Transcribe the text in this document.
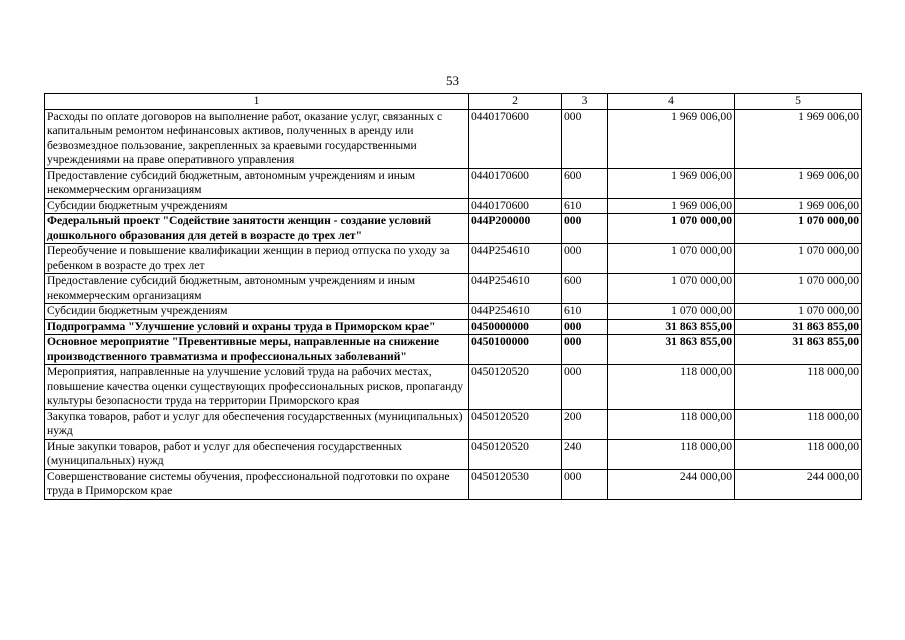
53
1	2	3	4	5
Расходы по оплате договоров на выполнение работ, оказание услуг, связанных с капитальным ремонтом нефинансовых активов, полученных в аренду или безвозмездное пользование, закрепленных за краевыми государственными учреждениями на праве оперативного управления	0440170600	000	1 969 006,00	1 969 006,00
Предоставление субсидий бюджетным, автономным учреждениям и иным некоммерческим организациям	0440170600	600	1 969 006,00	1 969 006,00
Субсидии бюджетным учреждениям	0440170600	610	1 969 006,00	1 969 006,00
Федеральный проект "Содействие занятости женщин - создание условий дошкольного образования для детей в возрасте до трех лет"	044P200000	000	1 070 000,00	1 070 000,00
Переобучение и повышение квалификации женщин в период отпуска по уходу за ребенком в возрасте до трех лет	044P254610	000	1 070 000,00	1 070 000,00
Предоставление субсидий бюджетным, автономным учреждениям и иным некоммерческим организациям	044P254610	600	1 070 000,00	1 070 000,00
Субсидии бюджетным учреждениям	044P254610	610	1 070 000,00	1 070 000,00
Подпрограмма "Улучшение условий и охраны труда в Приморском крае"	0450000000	000	31 863 855,00	31 863 855,00
Основное мероприятие "Превентивные меры, направленные на снижение производственного травматизма и профессиональных заболеваний"	0450100000	000	31 863 855,00	31 863 855,00
Мероприятия, направленные на улучшение условий труда на рабочих местах, повышение качества оценки существующих профессиональных рисков, пропаганду культуры безопасности труда на территории Приморского края	0450120520	000	118 000,00	118 000,00
Закупка товаров, работ и услуг для обеспечения государственных (муниципальных) нужд	0450120520	200	118 000,00	118 000,00
Иные закупки товаров, работ и услуг для обеспечения государственных (муниципальных) нужд	0450120520	240	118 000,00	118 000,00
Совершенствование системы обучения, профессиональной подготовки по охране труда в Приморском крае	0450120530	000	244 000,00	244 000,00
